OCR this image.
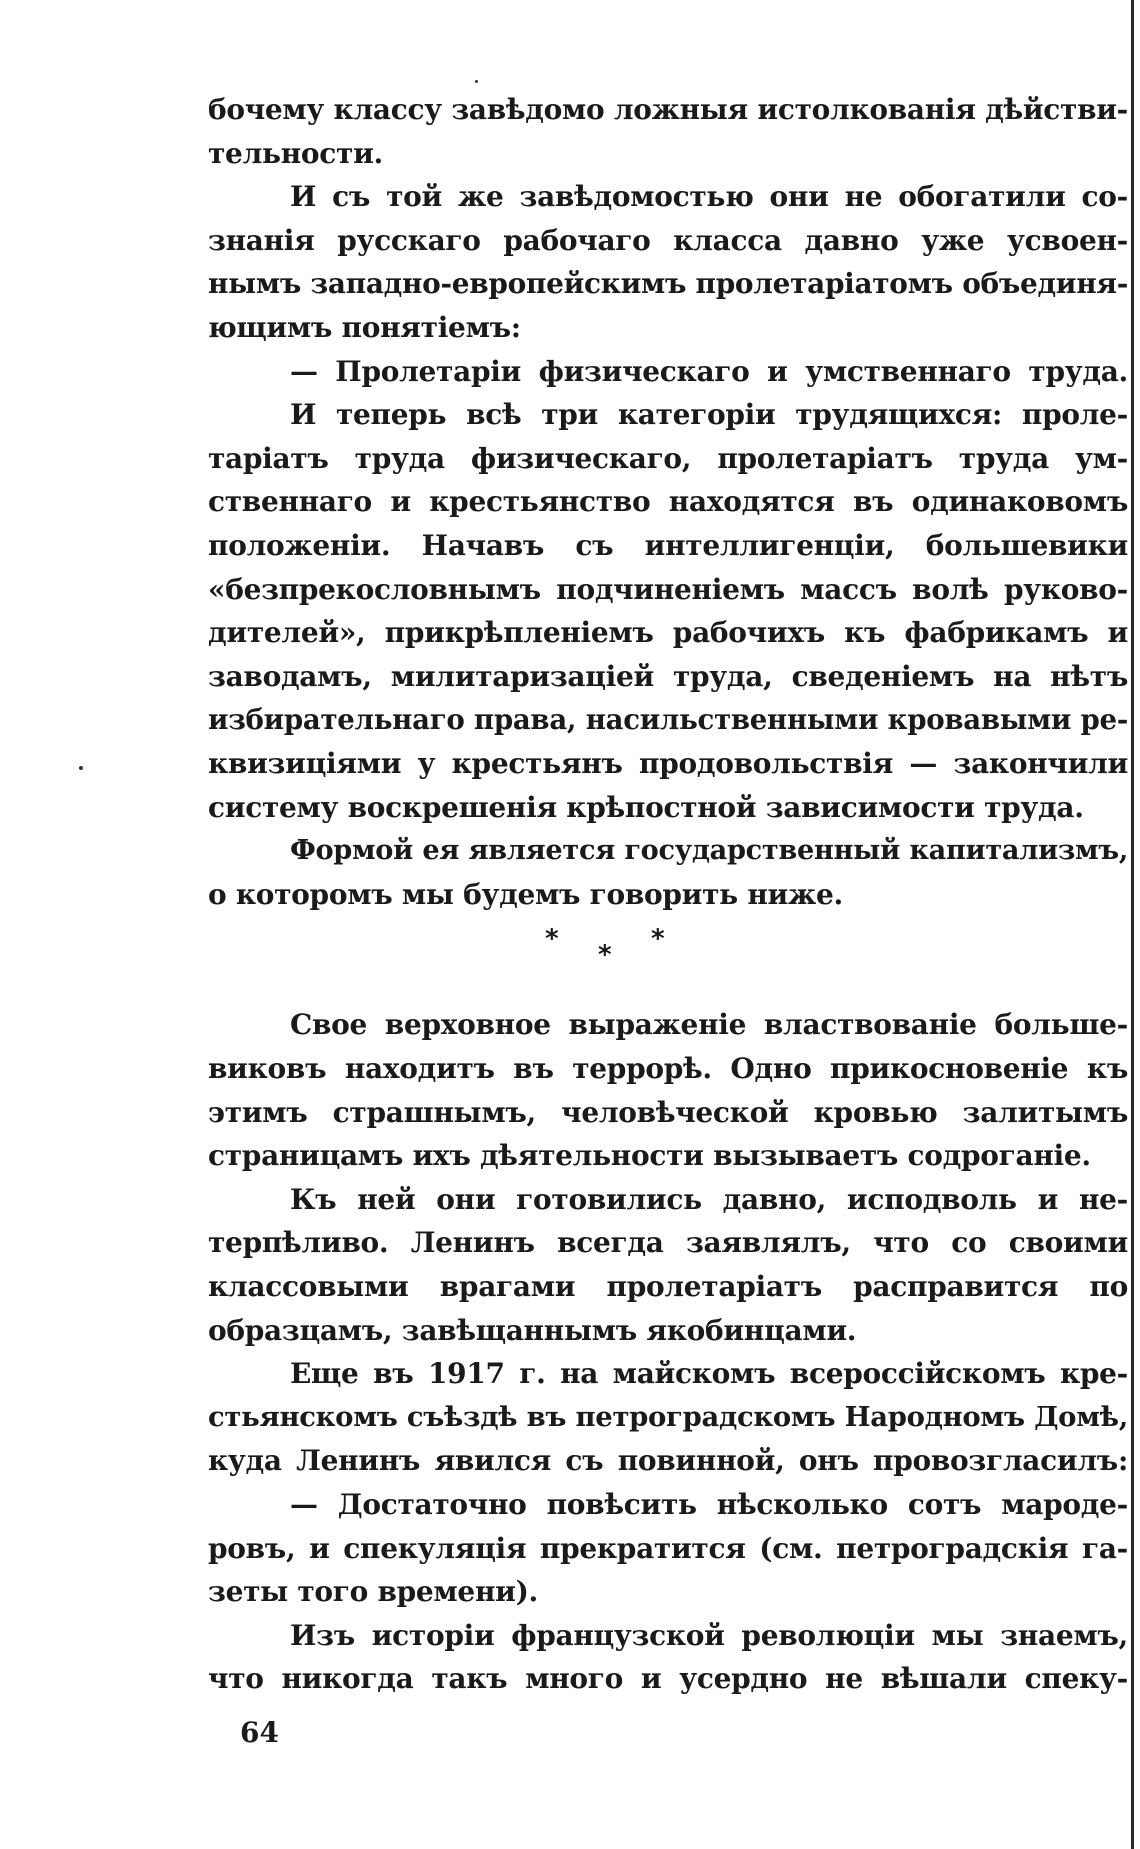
бочему классу завѣдомо ложныя истолкованія дѣйстви-
тельности.
И съ той же завѣдомостью они не обогатили со-
знанія русскаго рабочаго класса давно уже усвоен-
нымъ западно-европейскимъ пролетаріатомъ объединя-
ющимъ понятіемъ:
— Пролетаріи физическаго и умственнаго труда.
И теперь всѣ три категоріи трудящихся: проле-
таріатъ труда физическаго, пролетаріатъ труда ум-
ственнаго и крестьянство находятся въ одинаковомъ
положеніи. Начавъ съ интеллигенціи, большевики
«безпрекословнымъ подчиненіемъ массъ волѣ руково-
дителей», прикрѣпленіемъ рабочихъ къ фабрикамъ и
заводамъ, милитаризаціей труда, сведеніемъ на нѣтъ
избирательнаго права, насильственными кровавыми ре-
квизиціями у крестьянъ продовольствія — закончили
систему воскрешенія крѣпостной зависимости труда.
Формой ея является государственный капитализмъ,
о которомъ мы будемъ говорить ниже.
*
*
*
Свое верховное выраженіе властвованіе больше-
виковъ находитъ въ террорѣ. Одно прикосновеніе къ
этимъ страшнымъ, человѣческой кровью залитымъ
страницамъ ихъ дѣятельности вызываетъ содроганіе.
Къ ней они готовились давно, исподволь и не-
терпѣливо. Ленинъ всегда заявлялъ, что со своими
классовыми врагами пролетаріатъ расправится по
образцамъ, завѣщаннымъ якобинцами.
Еще въ 1917 г. на майскомъ всероссійскомъ кре-
стьянскомъ съѣздѣ въ петроградскомъ Народномъ Домѣ,
куда Ленинъ явился съ повинной, онъ провозгласилъ:
— Достаточно повѣсить нѣсколько сотъ мародe-
ровъ, и спекуляція прекратится (см. петроградскія га-
зеты того времени).
Изъ исторіи французской революціи мы знаемъ,
что никогда такъ много и усердно не вѣшали спеку-
64
